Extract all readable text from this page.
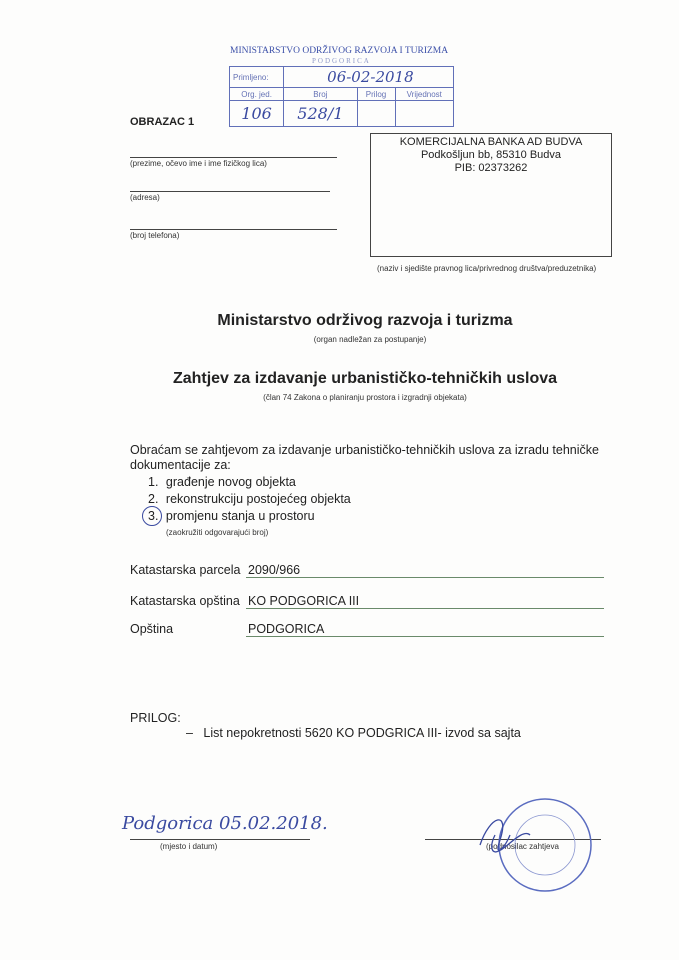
MINISTARSTVO ODRŽIVOG RAZVOJA I TURIZMA
PODGORICA
Primljeno:	06-02-2018		
Org. jed.	Broj	Prilog	Vrijednost
106	528/1		
OBRAZAC 1
(prezime, očevo ime i ime fizičkog lica)
(adresa)
(broj telefona)
KOMERCIJALNA BANKA AD BUDVA
Podkošljun bb, 85310 Budva
PIB: 02373262
(naziv i sjedište pravnog lica/privrednog društva/preduzetnika)
Ministarstvo održivog razvoja i turizma
(organ nadležan za postupanje)
Zahtjev za izdavanje urbanističko-tehničkih uslova
(član 74 Zakona o planiranju prostora i izgradnji objekata)
Obraćam se zahtjevom za izdavanje urbanističko-tehničkih uslova za izradu tehničke
dokumentacije za:
1. građenje novog objekta
2. rekonstrukciju postojećeg objekta
3. promjenu stanja u prostoru
(zaokružiti odgovarajući broj)
Katastarska parcela 2090/966
Katastarska opština KO PODGORICA III
Opština	PODGORICA
PRILOG:
–   List nepokretnosti 5620 KO PODGRICA III- izvod sa sajta
Podgorica 05.02.2018.
(mjesto i datum)	(podnosilac zahtjeva
